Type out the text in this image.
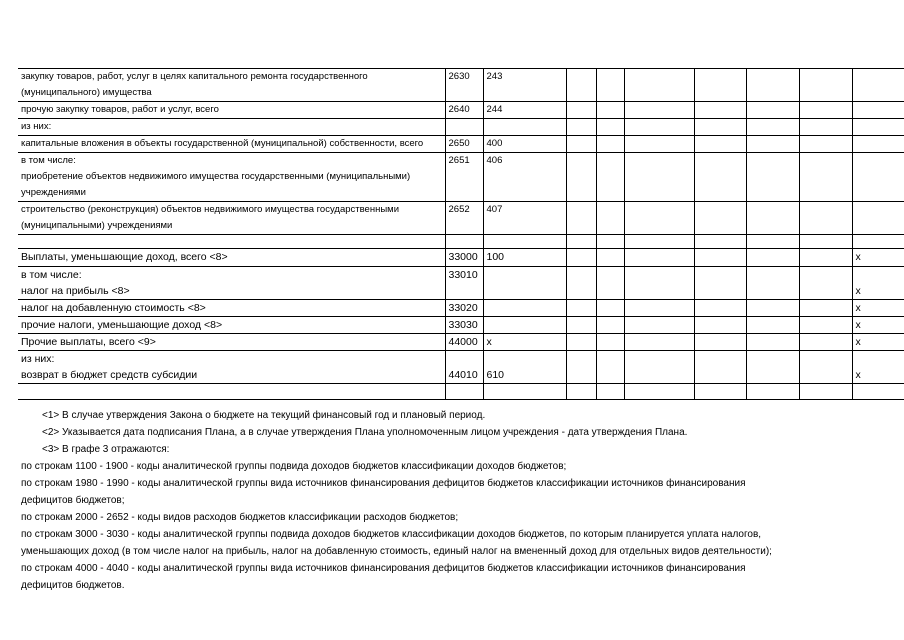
закупку товаров, работ, услуг в целях капитального ремонта государственного
(муниципального) имущества	2630	243							

прочую закупку товаров, работ и услуг, всего	2640	244							

из них:									

капитальные вложения в объекты государственной (муниципальной) собственности, всего	2650	400							

в том числе:
приобретение объектов недвижимого имущества государственными (муниципальными)
учреждениями	2651	406							

строительство (реконструкция) объектов недвижимого имущества государственными
(муниципальными) учреждениями	2652	407							

Выплаты, уменьшающие доход, всего <8>	33000	100							x

в том числе:
налог на прибыль <8>	33010								x

налог на добавленную стоимость <8>	33020								x

прочие налоги, уменьшающие доход <8>	33030								x

Прочие выплаты, всего <9>	44000	x							x

из них:
возврат в бюджет средств субсидии	44010	610							x

<1> В случае утверждения Закона о бюджете на текущий финансовый год и плановый период.
<2> Указывается дата подписания Плана, а в случае утверждения Плана уполномоченным лицом учреждения - дата утверждения Плана.
<3> В графе 3 отражаются:
по строкам 1100 - 1900 - коды аналитической группы подвида доходов бюджетов классификации доходов бюджетов;
по строкам 1980 - 1990 - коды аналитической группы вида источников финансирования дефицитов бюджетов классификации источников финансирования
дефицитов бюджетов;
по строкам 2000 - 2652 - коды видов расходов бюджетов классификации расходов бюджетов;
по строкам 3000 - 3030 - коды аналитической группы подвида доходов бюджетов классификации доходов бюджетов, по которым планируется уплата налогов,
уменьшающих доход (в том числе налог на прибыль, налог на добавленную стоимость, единый налог на вмененный доход для отдельных видов деятельности);
по строкам 4000 - 4040 - коды аналитической группы вида источников финансирования дефицитов бюджетов классификации источников финансирования
дефицитов бюджетов.
